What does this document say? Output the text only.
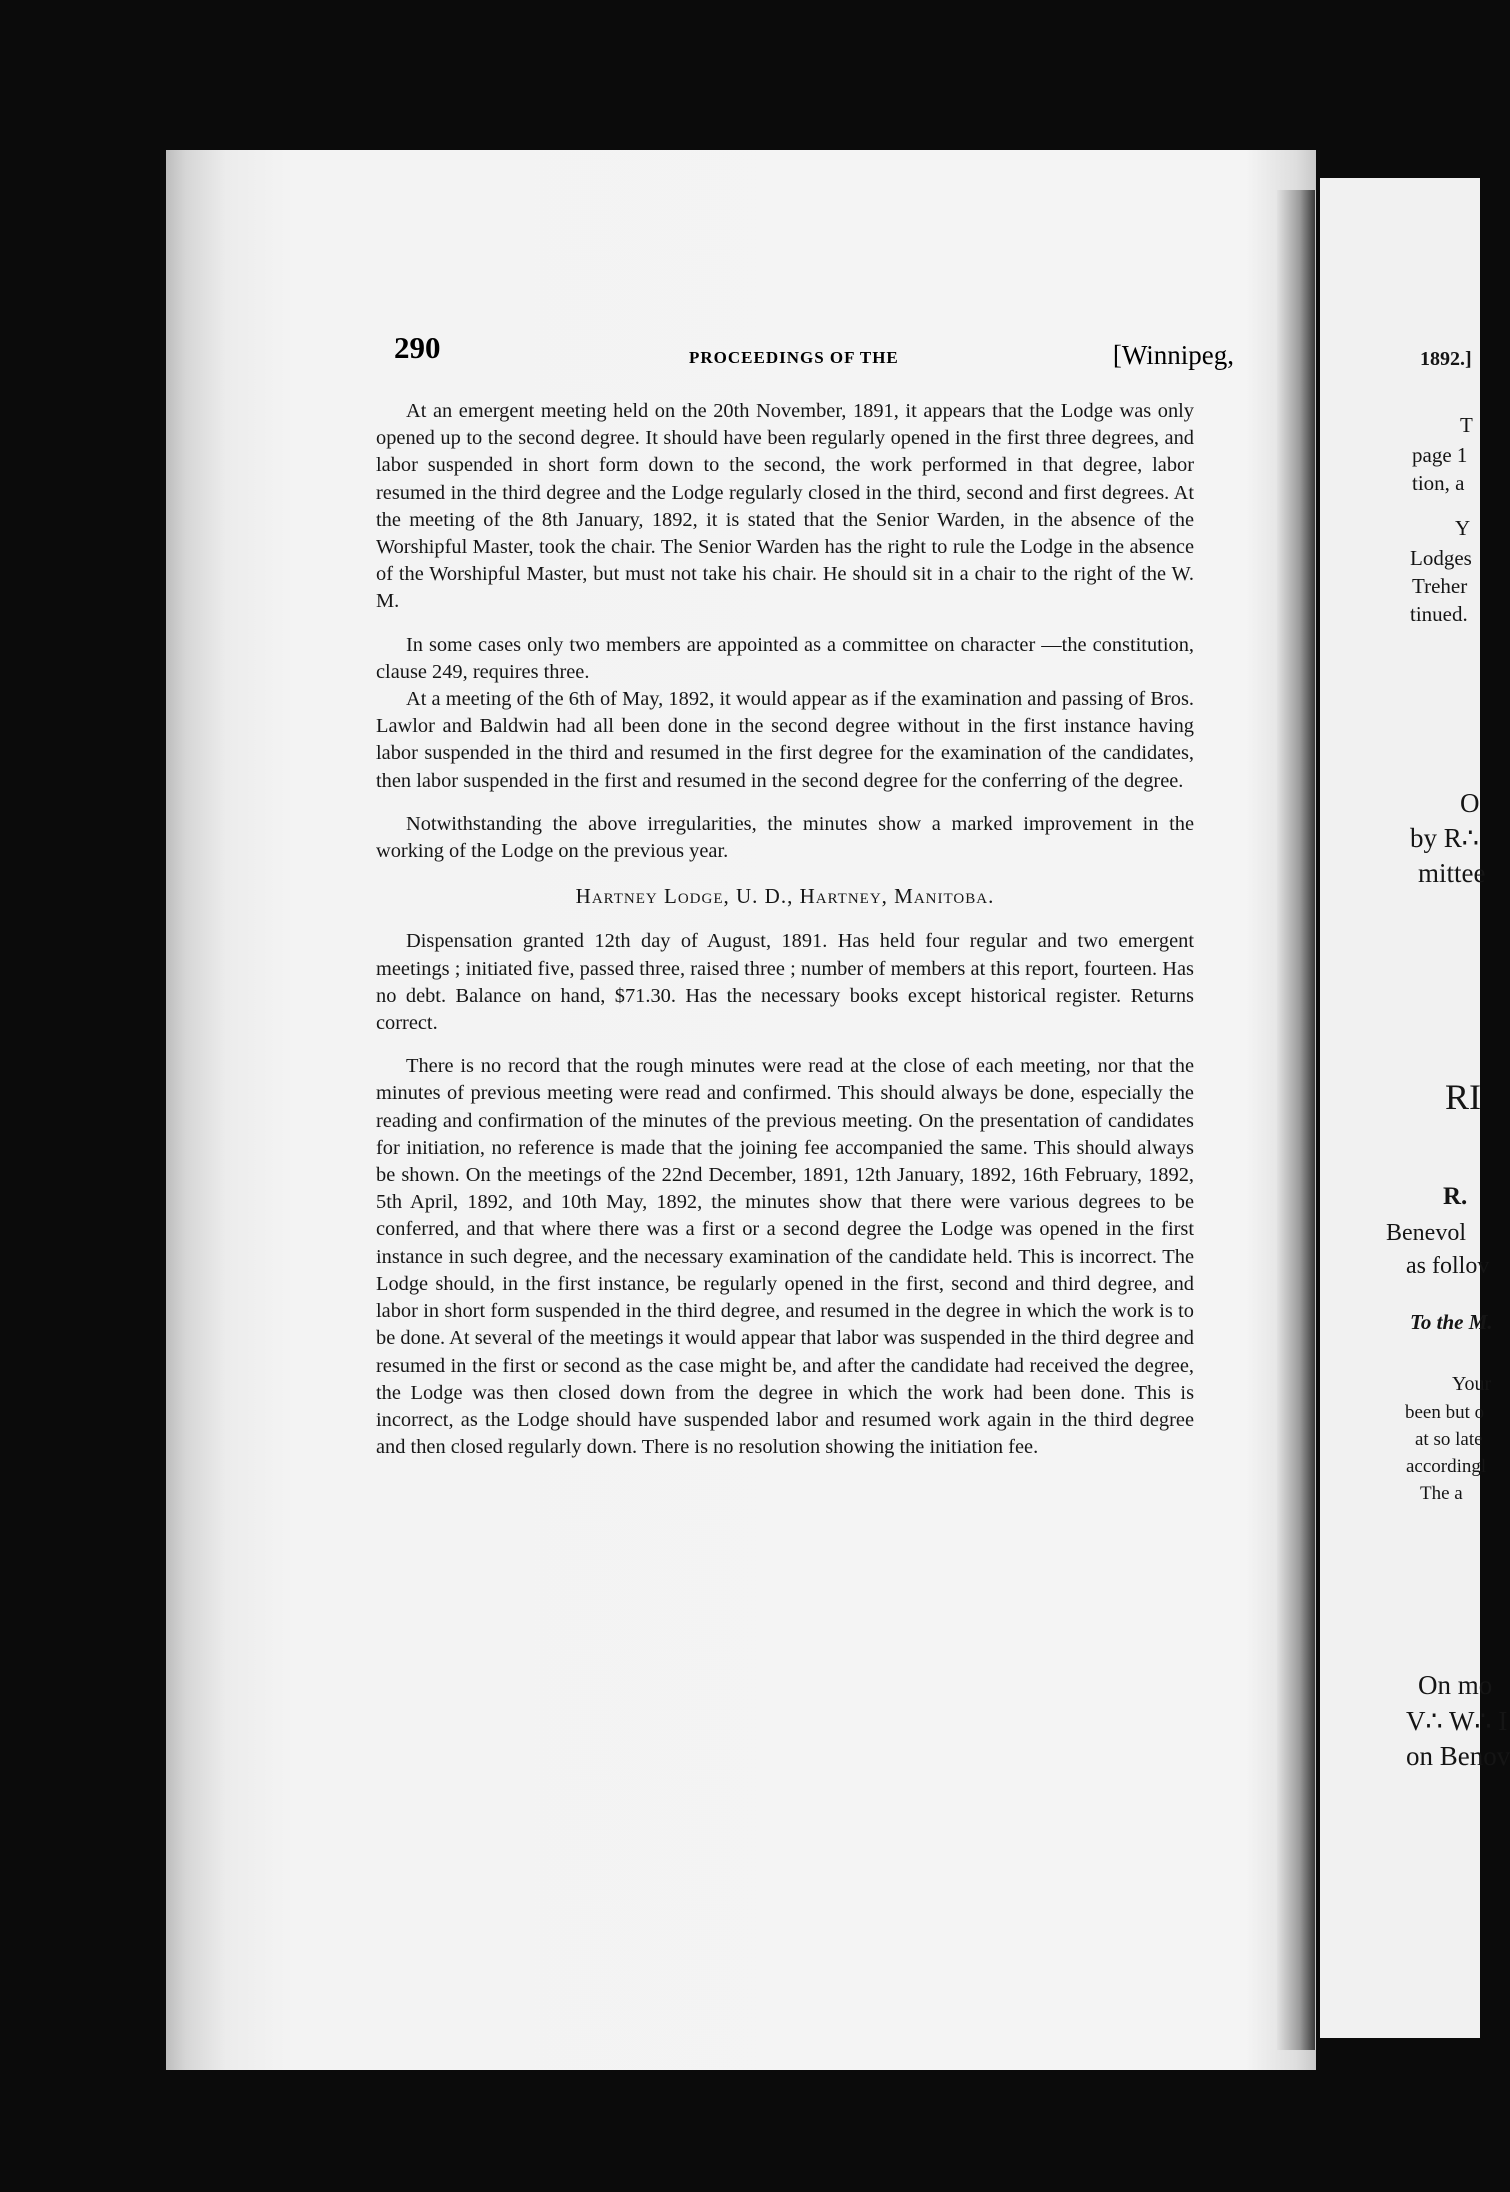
1892.]
T
page 1
tion, a
Y
Lodges
Treher
tinued.
O
by R∴
mittee
RI
R.
Benevol
as follov
To the M.
Your
been but o
at so late
accordingl
The a
On mo
V∴ W∴ I
on Benov
290	PROCEEDINGS OF THE	[Winnipeg,

At an emergent meeting held on the 20th November, 1891, it appears that the Lodge was only opened up to the second degree. It should have been regularly opened in the first three degrees, and labor suspended in short form down to the second, the work performed in that degree, labor resumed in the third degree and the Lodge regularly closed in the third, second and first degrees. At the meeting of the 8th January, 1892, it is stated that the Senior Warden, in the absence of the Worshipful Master, took the chair. The Senior Warden has the right to rule the Lodge in the absence of the Worshipful Master, but must not take his chair. He should sit in a chair to the right of the W. M.

In some cases only two members are appointed as a committee on character —the constitution, clause 249, requires three.

At a meeting of the 6th of May, 1892, it would appear as if the examination and passing of Bros. Lawlor and Baldwin had all been done in the second degree without in the first instance having labor suspended in the third and resumed in the first degree for the examination of the candidates, then labor suspended in the first and resumed in the second degree for the conferring of the degree.

Notwithstanding the above irregularities, the minutes show a marked improvement in the working of the Lodge on the previous year.

Hartney Lodge, U. D., Hartney, Manitoba.

Dispensation granted 12th day of August, 1891. Has held four regular and two emergent meetings ; initiated five, passed three, raised three ; number of members at this report, fourteen. Has no debt. Balance on hand, $71.30. Has the necessary books except historical register. Returns correct.

There is no record that the rough minutes were read at the close of each meeting, nor that the minutes of previous meeting were read and confirmed. This should always be done, especially the reading and confirmation of the minutes of the previous meeting. On the presentation of candidates for initiation, no reference is made that the joining fee accompanied the same. This should always be shown. On the meetings of the 22nd December, 1891, 12th January, 1892, 16th February, 1892, 5th April, 1892, and 10th May, 1892, the minutes show that there were various degrees to be conferred, and that where there was a first or a second degree the Lodge was opened in the first instance in such degree, and the necessary examination of the candidate held. This is incorrect. The Lodge should, in the first instance, be regularly opened in the first, second and third degree, and labor in short form suspended in the third degree, and resumed in the degree in which the work is to be done. At several of the meetings it would appear that labor was suspended in the third degree and resumed in the first or second as the case might be, and after the candidate had received the degree, the Lodge was then closed down from the degree in which the work had been done. This is incorrect, as the Lodge should have suspended labor and resumed work again in the third degree and then closed regularly down. There is no resolution showing the initiation fee.
